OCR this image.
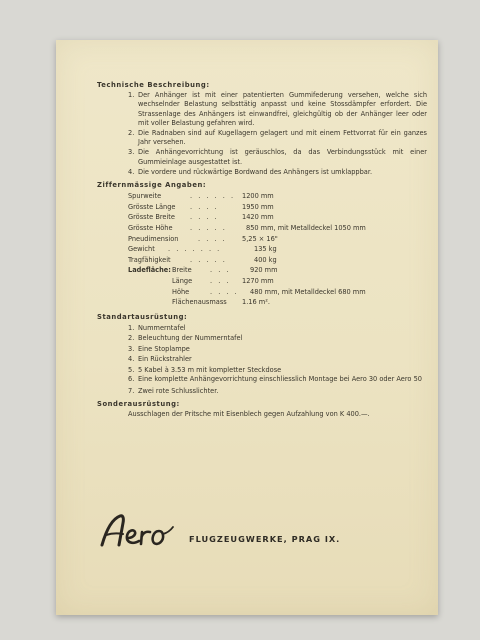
Technische Beschreibung:
1. Der Anhänger ist mit einer patentierten Gummifederung versehen, welche sich wechselnder Belastung selbsttätig anpasst und keine Stossdämpfer erfordert. Die Strassenlage des Anhängers ist einwandfrei, gleichgültig ob der Anhänger leer oder mit voller Belastung gefahren wird.
2. Die Radnaben sind auf Kugellagern gelagert und mit einem Fettvorrat für ein ganzes Jahr versehen.
3. Die Anhängevorrichtung ist geräuschlos, da das Verbindungsstück mit einer Gummieinlage ausgestattet ist.
4. Die vordere und rückwärtige Bordwand des Anhängers ist umklappbar.
Ziffernmässige Angaben:
Spurweite	. . . . . .	1200 mm
Grösste Länge	. . . .	1950 mm
Grösste Breite	. . . .	1420 mm
Grösste Höhe	. . . . .	850 mm, mit Metalldeckel 1050 mm
Pneudimension	. . . .	5,25 × 16"
Gewicht	. . . . . . .	135 kg
Tragfähigkeit	. . . . .	400 kg
Ladefläche: Breite	. . .	920 mm
Länge	. . .	1270 mm
Höhe	. . . .	480 mm, mit Metalldeckel 680 mm
Flächenausmass	1.16 m².
Standartausrüstung:
1. Nummerntafel
2. Beleuchtung der Nummerntafel
3. Eine Stoplampe
4. Ein Rückstrahler
5. 5 Kabel à 3.53 m mit kompletter Steckdose
6. Eine komplette Anhängevorrichtung einschliesslich Montage bei Aero 30 oder Aero 50
7. Zwei rote Schlusslichter.
Sonderausrüstung:
Ausschlagen der Pritsche mit Eisenblech gegen Aufzahlung von K 400.—.
FLUGZEUGWERKE, PRAG IX.
